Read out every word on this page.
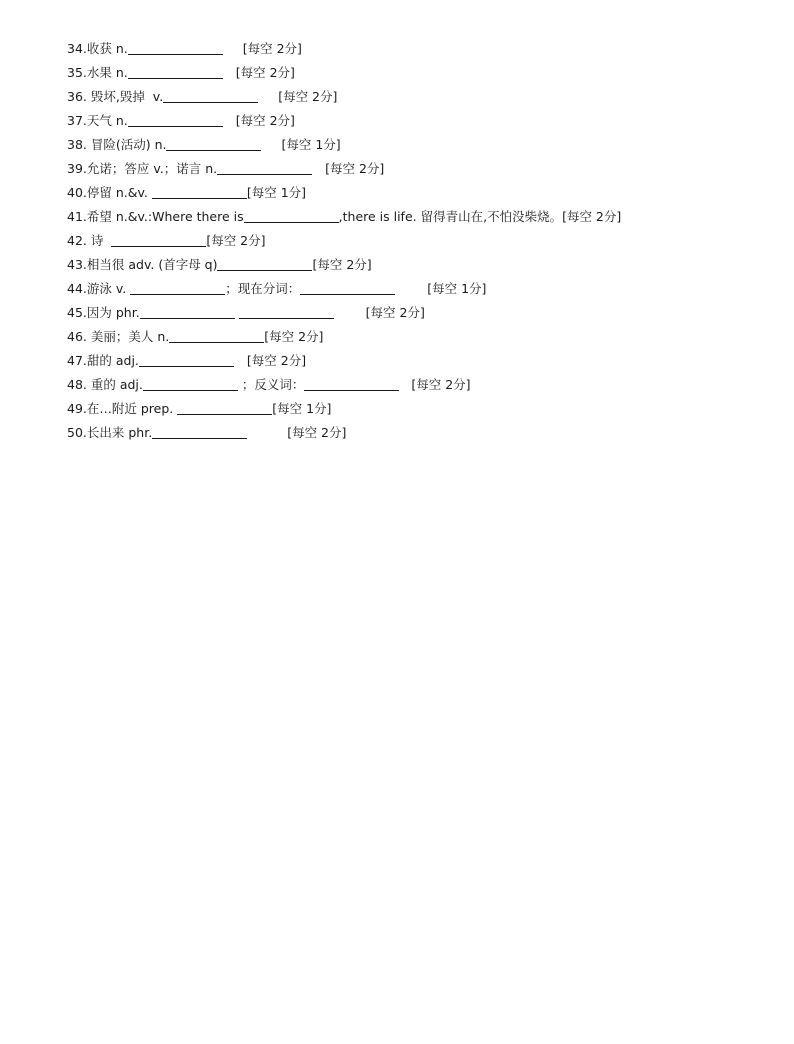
34.收获 n.	[每空 2分]
35.水果 n.	[每空 2分]
36. 毁坏,毁掉  v.	[每空 2分]
37.天气 n.	[每空 2分]
38. 冒险(活动) n.	[每空 1分]
39.允诺；答应 v.；诺言 n.	[每空 2分]
40.停留 n.&v.	[每空 1分]
41.希望 n.&v.:Where there is	,there is life. 留得青山在,不怕没柴烧。 [每空 2分]
42. 诗	[每空 2分]
43.相当很 adv. (首字母 q)	[每空 2分]
44.游泳 v.	；现在分词：	[每空 1分]
45.因为 phr.
	[每空 2分]
46. 美丽；美人 n.	[每空 2分]
47.甜的 adj.	[每空 2分]
48. 重的 adj.	；反义词：	[每空 2分]
49.在…附近 prep.	[每空 1分]
50.长出来 phr.	[每空 2分]
